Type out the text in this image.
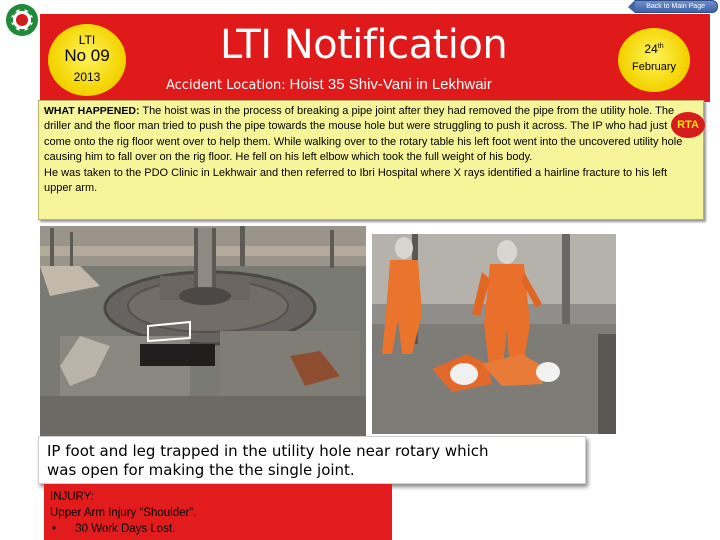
Back to Main Page
LTI
No 09
2013
LTI Notification
Accident Location: Hoist 35 Shiv-Vani in Lekhwair
24th
February
WHAT HAPPENED: The hoist was in the process of breaking a pipe joint after they had removed the pipe from the utility hole. The driller and the floor man tried to push the pipe towards the mouse hole but were struggling to push it across. The IP who had just come onto the rig floor went over to help them. While walking over to the rotary table his left foot went into the uncovered utility hole causing him to fall over on the rig floor. He fell on his left elbow which took the full weight of his body.
He was taken to the PDO Clinic in Lekhwair and then referred to Ibri Hospital where X rays identified a hairline fracture to his left upper arm.
RTA
IP foot and leg trapped in the utility hole near rotary which
was open for making the the single joint.
INJURY:
Upper Arm Injury “Shoulder”.
•      30 Work Days Lost.
